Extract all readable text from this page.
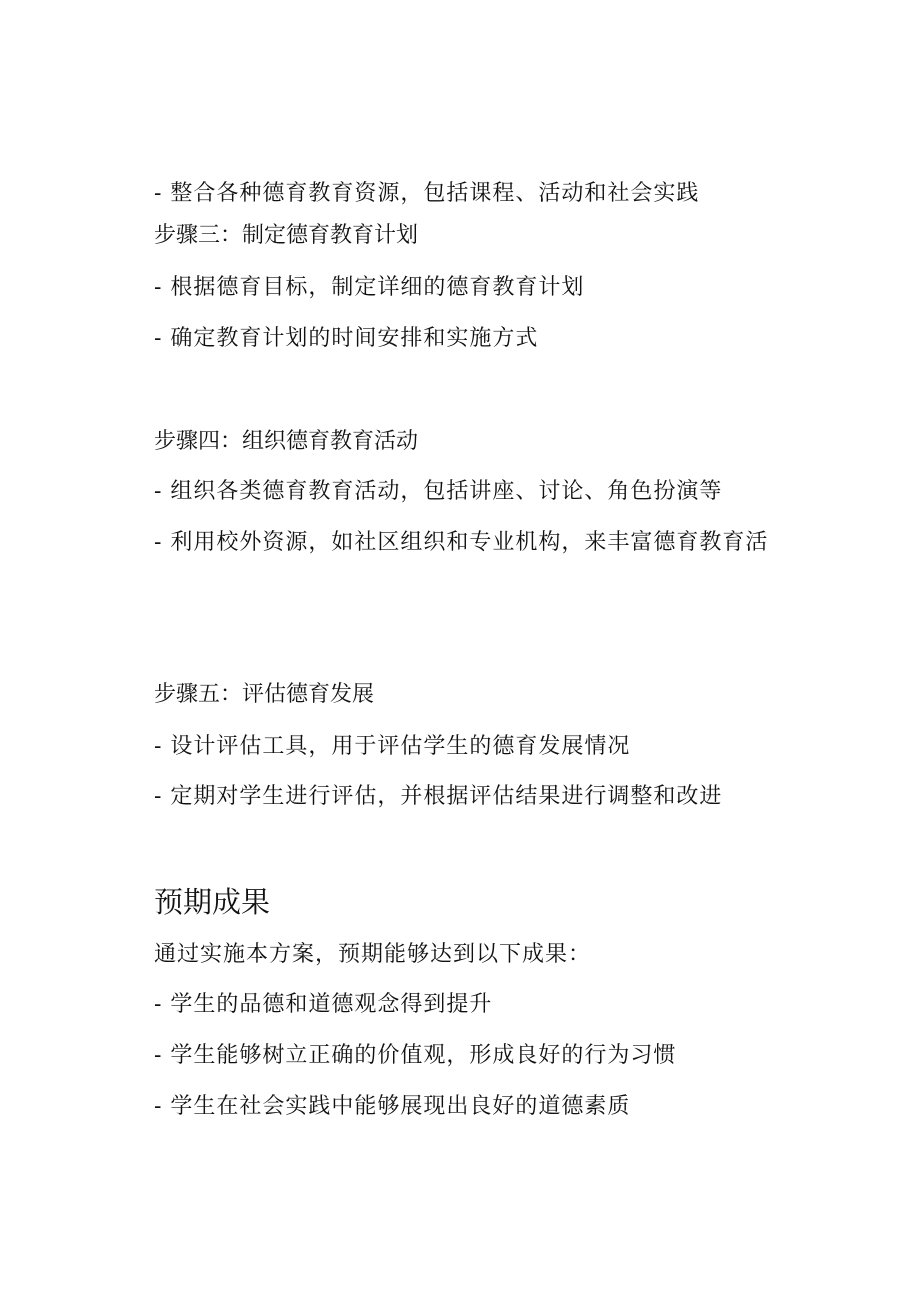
- 整合各种德育教育资源，包括课程、活动和社会实践
步骤三：制定德育教育计划
- 根据德育目标，制定详细的德育教育计划
- 确定教育计划的时间安排和实施方式
步骤四：组织德育教育活动
- 组织各类德育教育活动，包括讲座、讨论、角色扮演等
- 利用校外资源，如社区组织和专业机构，来丰富德育教育活
步骤五：评估德育发展
- 设计评估工具，用于评估学生的德育发展情况
- 定期对学生进行评估，并根据评估结果进行调整和改进
预期成果
通过实施本方案，预期能够达到以下成果：
- 学生的品德和道德观念得到提升
- 学生能够树立正确的价值观，形成良好的行为习惯
- 学生在社会实践中能够展现出良好的道德素质
